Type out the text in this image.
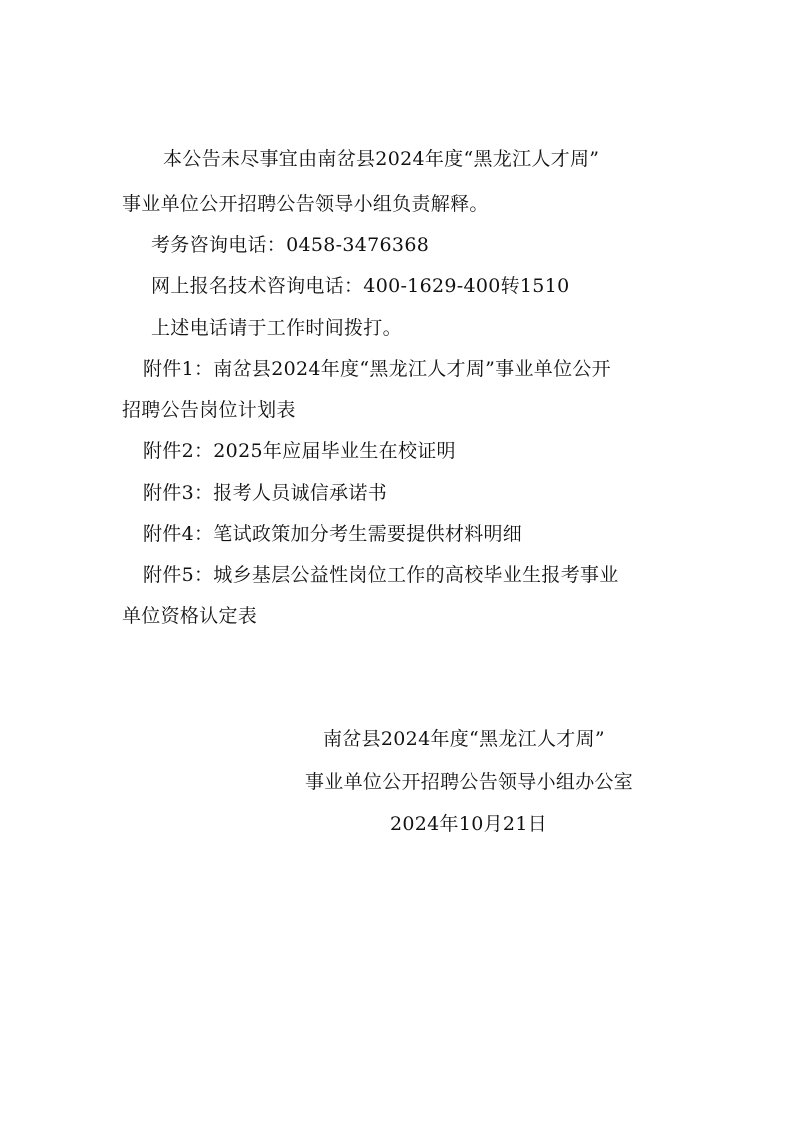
本公告未尽事宜由南岔县2024年度“黑龙江人才周”

事业单位公开招聘公告领导小组负责解释。

考务咨询电话：0458-3476368

网上报名技术咨询电话：400-1629-400转1510

上述电话请于工作时间拨打。

附件1：南岔县2024年度“黑龙江人才周”事业单位公开

招聘公告岗位计划表

附件2：2025年应届毕业生在校证明

附件3：报考人员诚信承诺书

附件4：笔试政策加分考生需要提供材料明细

附件5：城乡基层公益性岗位工作的高校毕业生报考事业

单位资格认定表

南岔县2024年度“黑龙江人才周”

事业单位公开招聘公告领导小组办公室

2024年10月21日
